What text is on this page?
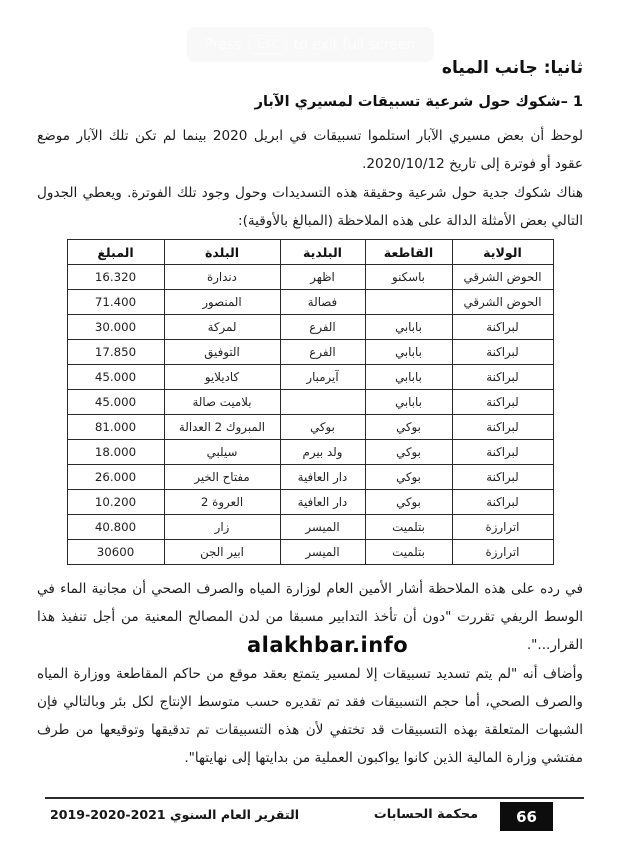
Press	Esc	to exit full screen
ثانيا: جانب المياه
1 –شكوك حول شرعية تسبيقات لمسيري الآبار

لوحظ أن بعض مسيري الآبار استلموا تسبيقات في ابريل 2020 بينما لم تكن تلك الآبار موضع عقود أو فوترة إلى تاريخ 2020/10/12.

هناك شكوك جدية حول شرعية وحقيقة هذه التسديدات وحول وجود تلك الفوترة. ويعطي الجدول التالي بعض الأمثلة الدالة على هذه الملاحظة (المبالغ بالأوقية):

الولاية	القاطعة	البلدية	البلدة	المبلغ
الحوض الشرقي	باسكنو	اظهر	دندارة	16.320
الحوض الشرقي		فصالة	المنصور	71.400
لبراكنة	بابابي	الفرع	لمركة	30.000
لبراكنة	بابابي	الفرع	التوفيق	17.850
لبراكنة	بابابي	آيرمبار	كاديلايو	45.000
لبراكنة	بابابي		بلاميت صالة	45.000
لبراكنة	بوكي	بوكي	المبروك 2 العدالة	81.000
لبراكنة	بوكي	ولد بيرم	سيلبي	18.000
لبراكنة	بوكي	دار العافية	مفتاح الخير	26.000
لبراكنة	بوكي	دار العافية	العروة 2	10.200
اترارزة	بتلميت	الميسر	زار	40.800
اترارزة	بتلميت	الميسر	ابير الجن	30600

في رده على هذه الملاحظة أشار الأمين العام لوزارة المياه والصرف الصحي أن مجانية الماء في الوسط الريفي تقررت "دون أن تأخذ التدابير مسبقا من لدن المصالح المعنية من أجل تنفيذ هذا القرار...".
alakhbar.info

وأضاف أنه "لم يتم تسديد تسبيقات إلا لمسير يتمتع بعقد موقع من حاكم المقاطعة ووزارة المياه والصرف الصحي، أما حجم التسبيقات فقد تم تقديره حسب متوسط الإنتاج لكل بئر وبالتالي فإن الشبهات المتعلقة بهذه التسبيقات قد تختفي لأن هذه التسبيقات تم تدقيقها وتوقيعها من طرف مفتشي وزارة المالية الذين كانوا يواكبون العملية من بدايتها إلى نهايتها".

التقرير العام السنوي 2021-2020-2019	محكمة الحسابات	66
